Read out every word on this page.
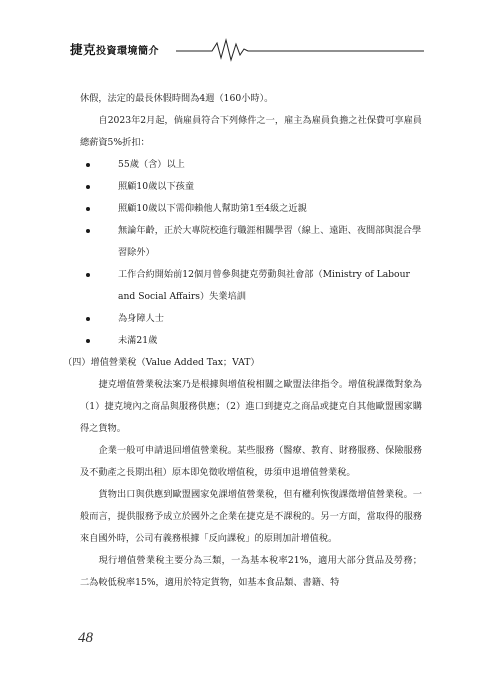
捷克投資環境簡介

休假，法定的最長休假時間為4週（160小時）。

自2023年2月起，倘雇員符合下列條件之一，雇主為雇員負擔之社保費可享雇員總薪資5%折扣：

55歲（含）以上
照顧10歲以下孩童
照顧10歲以下需仰賴他人幫助第1至4級之近親
無論年齡，正於大專院校進行職涯相關學習（線上、遠距、夜間部與混合學習除外）
工作合約開始前12個月曾參與捷克勞動與社會部（Ministry of Labour and Social Affairs）失業培訓
為身障人士
未滿21歲

（四）增值營業稅（Value Added Tax；VAT）

捷克增值營業稅法案乃是根據與增值稅相關之歐盟法律指令。增值稅課徵對象為（1）捷克境內之商品與服務供應；（2）進口到捷克之商品或捷克自其他歐盟國家購得之貨物。

企業一般可申請退回增值營業稅。某些服務（醫療、教育、財務服務、保險服務及不動產之長期出租）原本即免徵收增值稅，毋須申退增值營業稅。

貨物出口與供應到歐盟國家免課增值營業稅，但有權利恢復課徵增值營業稅。一般而言，提供服務予成立於國外之企業在捷克是不課稅的。另一方面，當取得的服務來自國外時，公司有義務根據「反向課稅」的原則加計增值稅。

現行增值營業稅主要分為三類，一為基本稅率21%，適用大部分貨品及勞務；二為較低稅率15%，適用於特定貨物，如基本食品類、書籍、特

48
